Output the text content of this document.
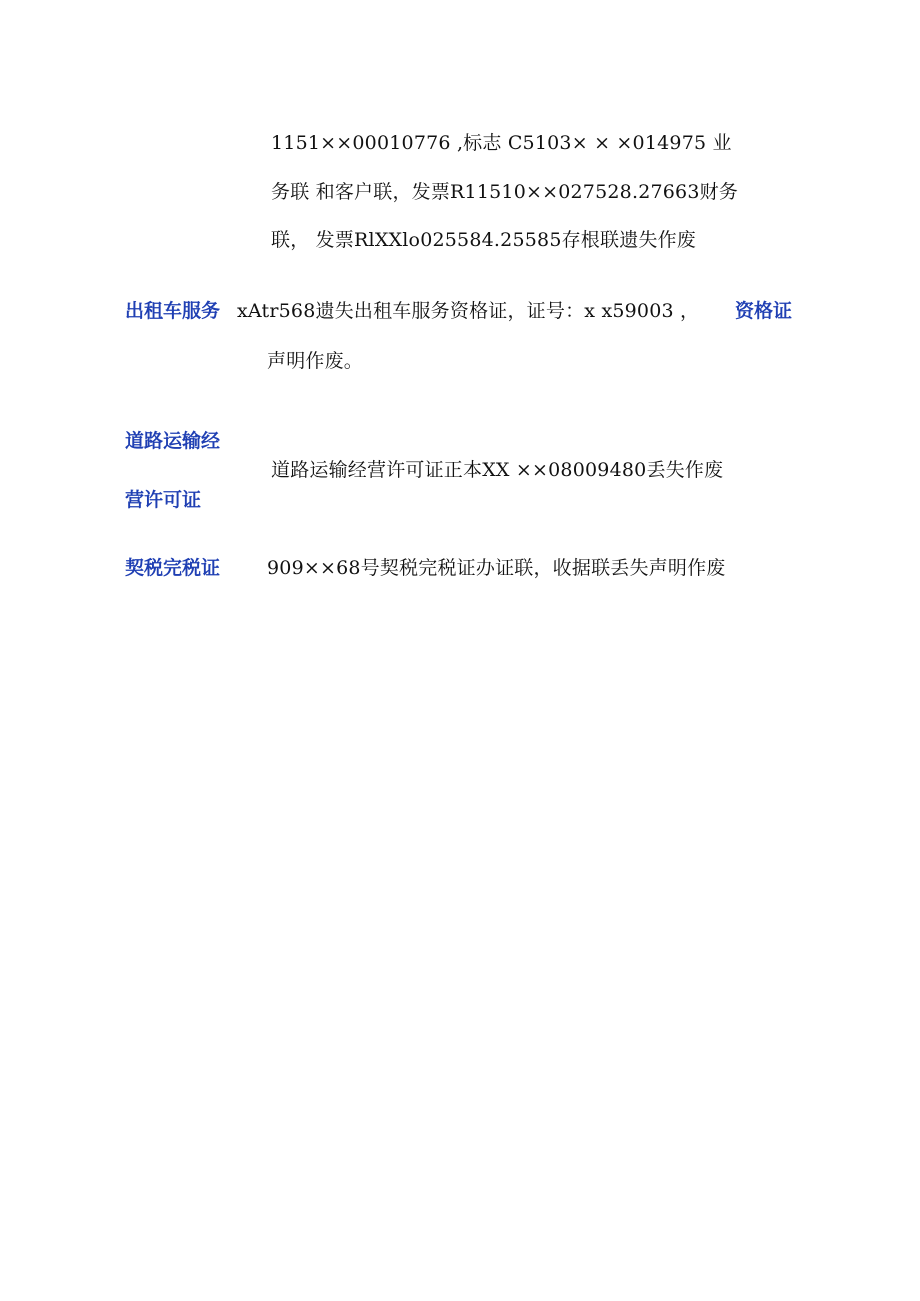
1151××00010776 ,标志 C5103× × ×014975 业
务联 和客户联，发票R11510××027528.27663财务
联， 发票RlXXlo025584.25585存根联遗失作废
出租车服务 xAtr568遗失出租车服务资格证，证号：x x59003 ， 资格证
声明作废。
道路运输经
营许可证
道路运输经营许可证正本XX ××08009480丢失作废
契税完税证 909××68号契税完税证办证联，收据联丢失声明作废
